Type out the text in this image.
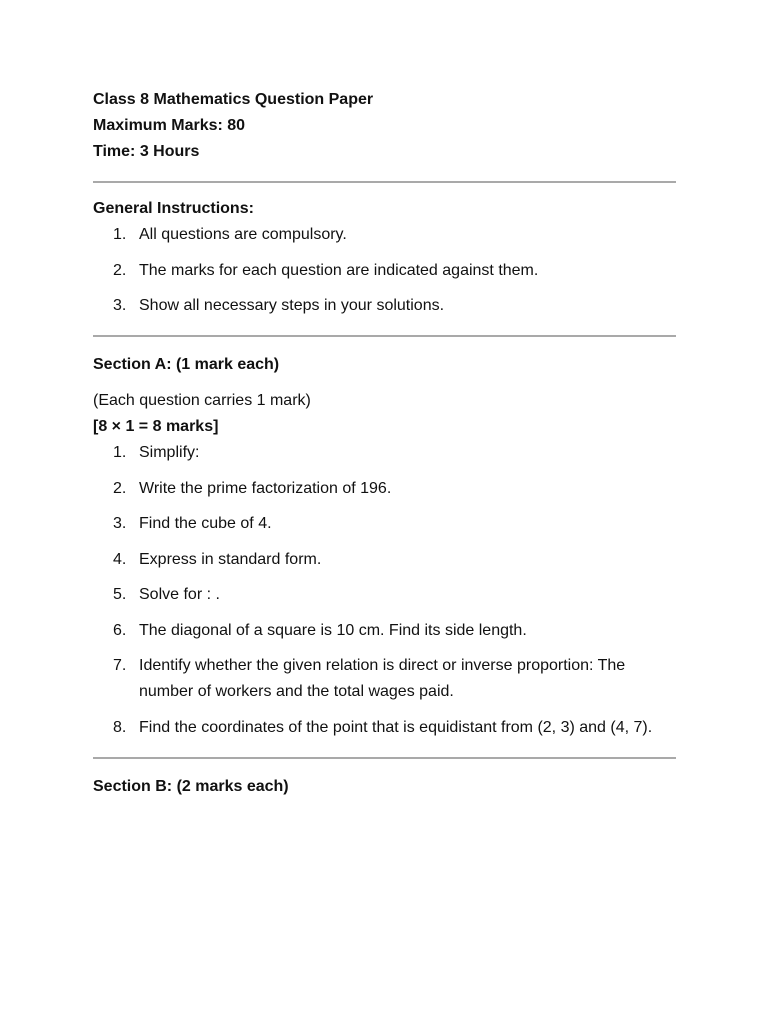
Class 8 Mathematics Question Paper
Maximum Marks: 80
Time: 3 Hours
General Instructions:
1. All questions are compulsory.
2. The marks for each question are indicated against them.
3. Show all necessary steps in your solutions.
Section A: (1 mark each)
(Each question carries 1 mark)
[8 × 1 = 8 marks]
1. Simplify:
2. Write the prime factorization of 196.
3. Find the cube of 4.
4. Express in standard form.
5. Solve for : .
6. The diagonal of a square is 10 cm. Find its side length.
7. Identify whether the given relation is direct or inverse proportion: The number of workers and the total wages paid.
8. Find the coordinates of the point that is equidistant from (2, 3) and (4, 7).
Section B: (2 marks each)
